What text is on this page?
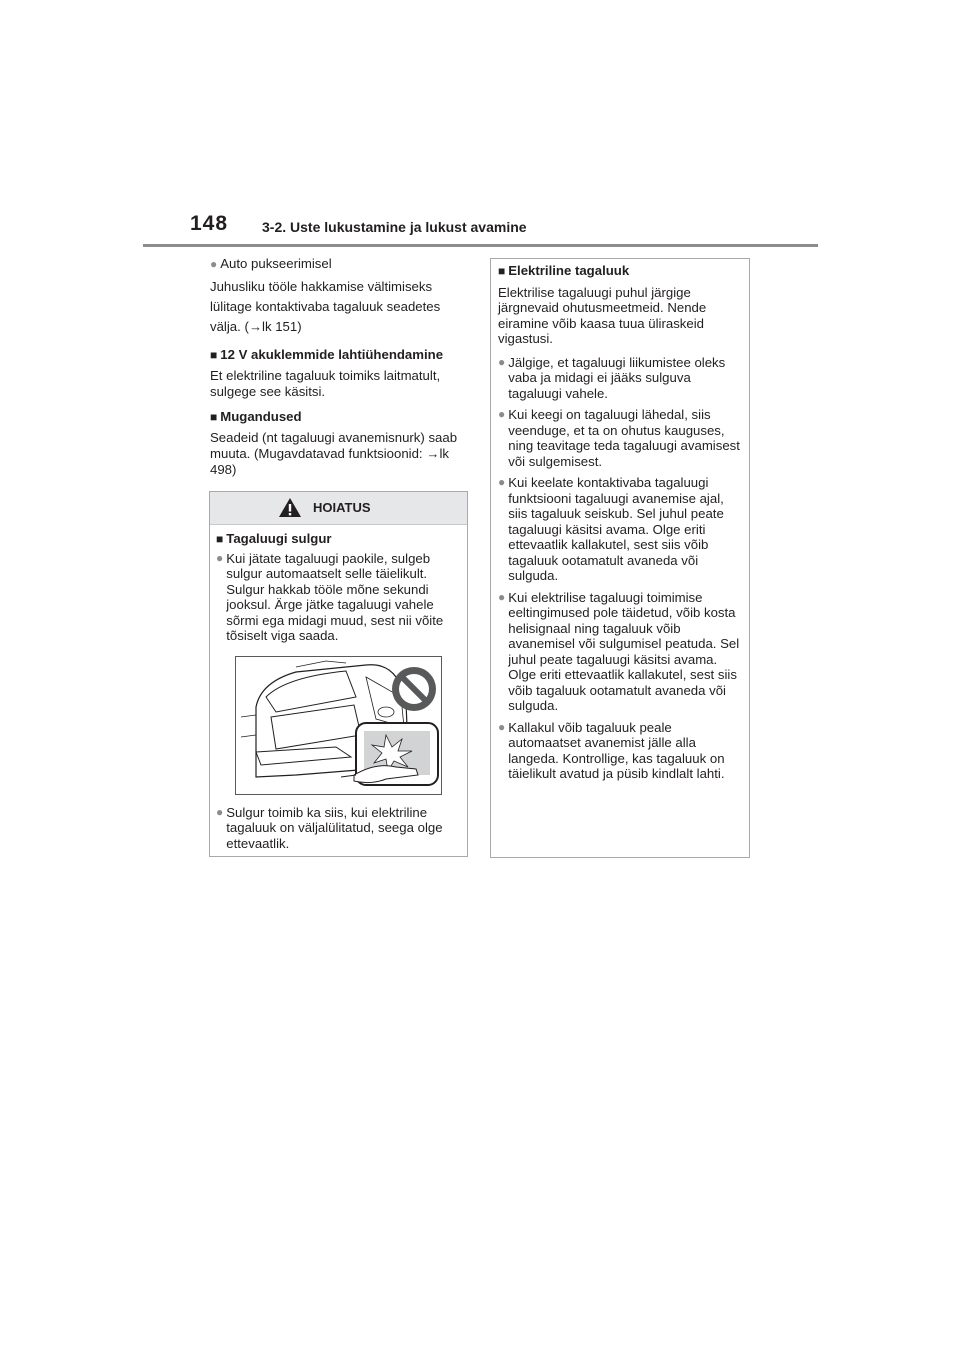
148 3-2. Uste lukustamine ja lukust avamine

● Auto pukseerimisel

Juhusliku tööle hakkamise vältimiseks

lülitage kontaktivaba tagaluuk seadetes

välja. (→lk 151)

■ 12 V akuklemmide lahtiühendamine

Et elektriline tagaluuk toimiks laitmatult, sulgege see käsitsi.

■ Mugandused

Seadeid (nt tagaluugi avanemisnurk) saab muuta. (Mugavdatavad funktsioonid: →lk 498)

HOIATUS

■ Tagaluugi sulgur

● Kui jätate tagaluugi paokile, sulgeb sulgur automaatselt selle täielikult. Sulgur hakkab tööle mõne sekundi jooksul. Ärge jätke tagaluugi vahele sõrmi ega midagi muud, sest nii võite tõsiselt viga saada.
● Sulgur toimib ka siis, kui elektriline tagaluuk on väljalülitatud, seega olge ettevaatlik.

■ Elektriline tagaluuk

Elektrilise tagaluugi puhul järgige järgnevaid ohutusmeetmeid. Nende eiramine võib kaasa tuua üliraskeid vigastusi.

● Jälgige, et tagaluugi liikumistee oleks vaba ja midagi ei jääks sulguva tagaluugi vahele.
● Kui keegi on tagaluugi lähedal, siis veenduge, et ta on ohutus kauguses, ning teavitage teda tagaluugi avamisest või sulgemisest.
● Kui keelate kontaktivaba tagaluugi funktsiooni tagaluugi avanemise ajal, siis tagaluuk seiskub. Sel juhul peate tagaluugi käsitsi avama. Olge eriti ettevaatlik kallakutel, sest siis võib tagaluuk ootamatult avaneda või sulguda.
● Kui elektrilise tagaluugi toimimise eeltingimused pole täidetud, võib kosta helisignaal ning tagaluuk võib avanemisel või sulgumisel peatuda. Sel juhul peate tagaluugi käsitsi avama. Olge eriti ettevaatlik kallakutel, sest siis võib tagaluuk ootamatult avaneda või sulguda.
● Kallakul võib tagaluuk peale automaatset avanemist jälle alla langeda. Kontrollige, kas tagaluuk on täielikult avatud ja püsib kindlalt lahti.
